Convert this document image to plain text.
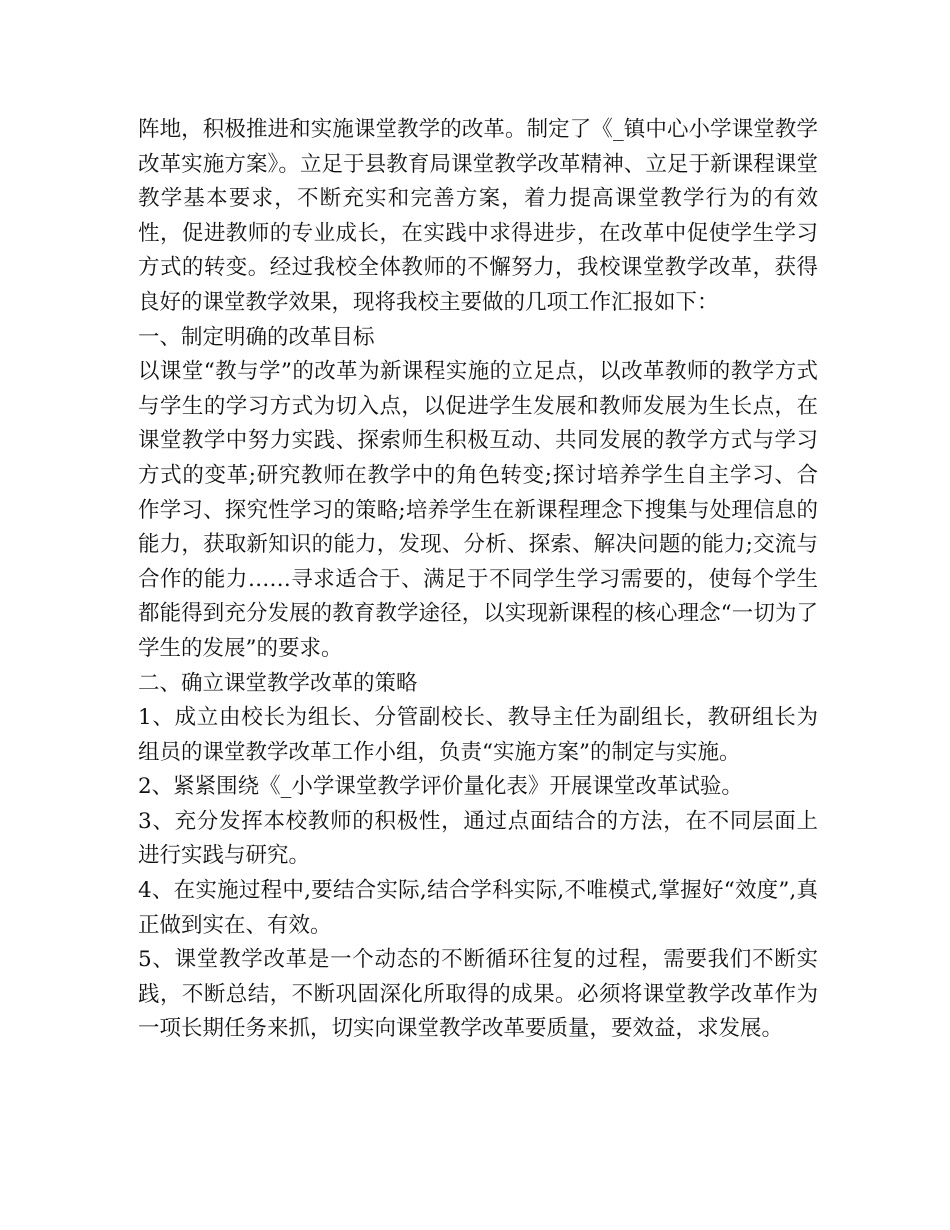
阵地，积极推进和实施课堂教学的改革。制定了《_镇中心小学课堂教学改革实施方案》。立足于县教育局课堂教学改革精神、立足于新课程课堂教学基本要求，不断充实和完善方案，着力提高课堂教学行为的有效性，促进教师的专业成长，在实践中求得进步，在改革中促使学生学习方式的转变。经过我校全体教师的不懈努力，我校课堂教学改革，获得良好的课堂教学效果，现将我校主要做的几项工作汇报如下：

一、制定明确的改革目标

以课堂“教与学”的改革为新课程实施的立足点，以改革教师的教学方式与学生的学习方式为切入点，以促进学生发展和教师发展为生长点，在课堂教学中努力实践、探索师生积极互动、共同发展的教学方式与学习方式的变革;研究教师在教学中的角色转变;探讨培养学生自主学习、合作学习、探究性学习的策略;培养学生在新课程理念下搜集与处理信息的能力，获取新知识的能力，发现、分析、探索、解决问题的能力;交流与合作的能力……寻求适合于、满足于不同学生学习需要的，使每个学生都能得到充分发展的教育教学途径，以实现新课程的核心理念“一切为了学生的发展”的要求。

二、确立课堂教学改革的策略

1、成立由校长为组长、分管副校长、教导主任为副组长，教研组长为组员的课堂教学改革工作小组，负责“实施方案”的制定与实施。

2、紧紧围绕《_小学课堂教学评价量化表》开展课堂改革试验。

3、充分发挥本校教师的积极性，通过点面结合的方法，在不同层面上进行实践与研究。

4、在实施过程中,要结合实际,结合学科实际,不唯模式,掌握好“效度”,真正做到实在、有效。

5、课堂教学改革是一个动态的不断循环往复的过程，需要我们不断实践，不断总结，不断巩固深化所取得的成果。必须将课堂教学改革作为一项长期任务来抓，切实向课堂教学改革要质量，要效益，求发展。
